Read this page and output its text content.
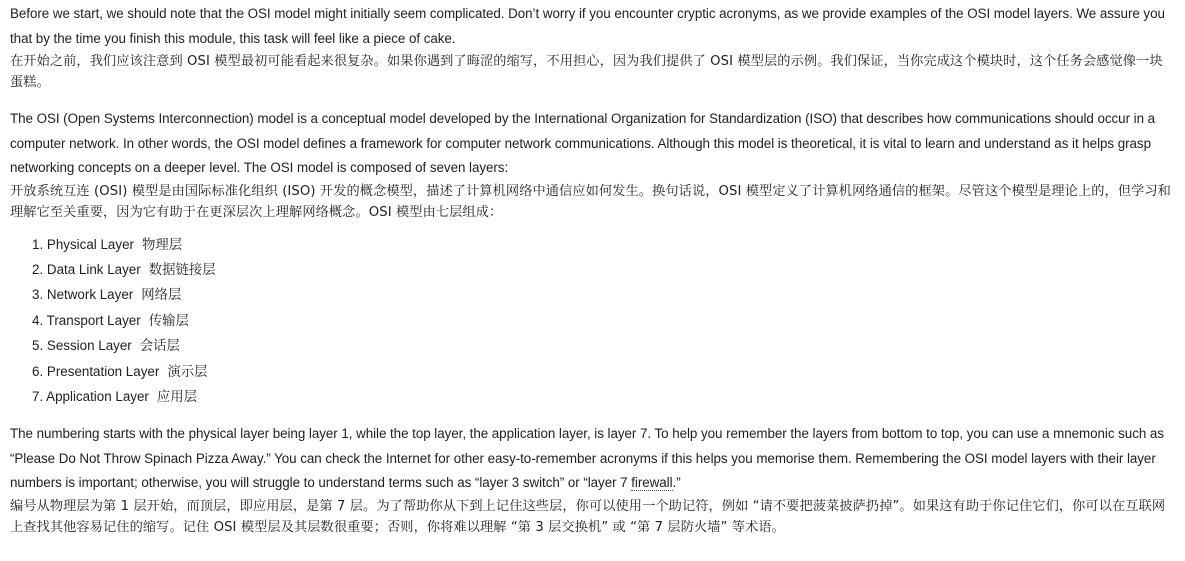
Before we start, we should note that the OSI model might initially seem complicated. Don’t worry if you encounter cryptic acronyms, as we provide examples of the OSI model layers. We assure you that by the time you finish this module, this task will feel like a piece of cake.

在开始之前，我们应该注意到 OSI 模型最初可能看起来很复杂。如果你遇到了晦涩的缩写，不用担心，因为我们提供了 OSI 模型层的示例。我们保证，当你完成这个模块时，这个任务会感觉像一块蛋糕。

The OSI (Open Systems Interconnection) model is a conceptual model developed by the International Organization for Standardization (ISO) that describes how communications should occur in a computer network. In other words, the OSI model defines a framework for computer network communications. Although this model is theoretical, it is vital to learn and understand as it helps grasp networking concepts on a deeper level. The OSI model is composed of seven layers:

开放系统互连 (OSI) 模型是由国际标准化组织 (ISO) 开发的概念模型，描述了计算机网络中通信应如何发生。换句话说，OSI 模型定义了计算机网络通信的框架。尽管这个模型是理论上的，但学习和理解它至关重要，因为它有助于在更深层次上理解网络概念。OSI 模型由七层组成：

1. Physical Layer 物理层
2. Data Link Layer 数据链接层
3. Network Layer 网络层
4. Transport Layer 传输层
5. Session Layer 会话层
6. Presentation Layer 演示层
7. Application Layer 应用层

The numbering starts with the physical layer being layer 1, while the top layer, the application layer, is layer 7. To help you remember the layers from bottom to top, you can use a mnemonic such as “Please Do Not Throw Spinach Pizza Away.” You can check the Internet for other easy-to-remember acronyms if this helps you memorise them. Remembering the OSI model layers with their layer numbers is important; otherwise, you will struggle to understand terms such as “layer 3 switch” or “layer 7 firewall.”

编号从物理层为第 1 层开始，而顶层，即应用层，是第 7 层。为了帮助你从下到上记住这些层，你可以使用一个助记符，例如 “请不要把菠菜披萨扔掉”。如果这有助于你记住它们，你可以在互联网上查找其他容易记住的缩写。记住 OSI 模型层及其层数很重要；否则，你将难以理解 “第 3 层交换机” 或 “第 7 层防火墙” 等术语。
